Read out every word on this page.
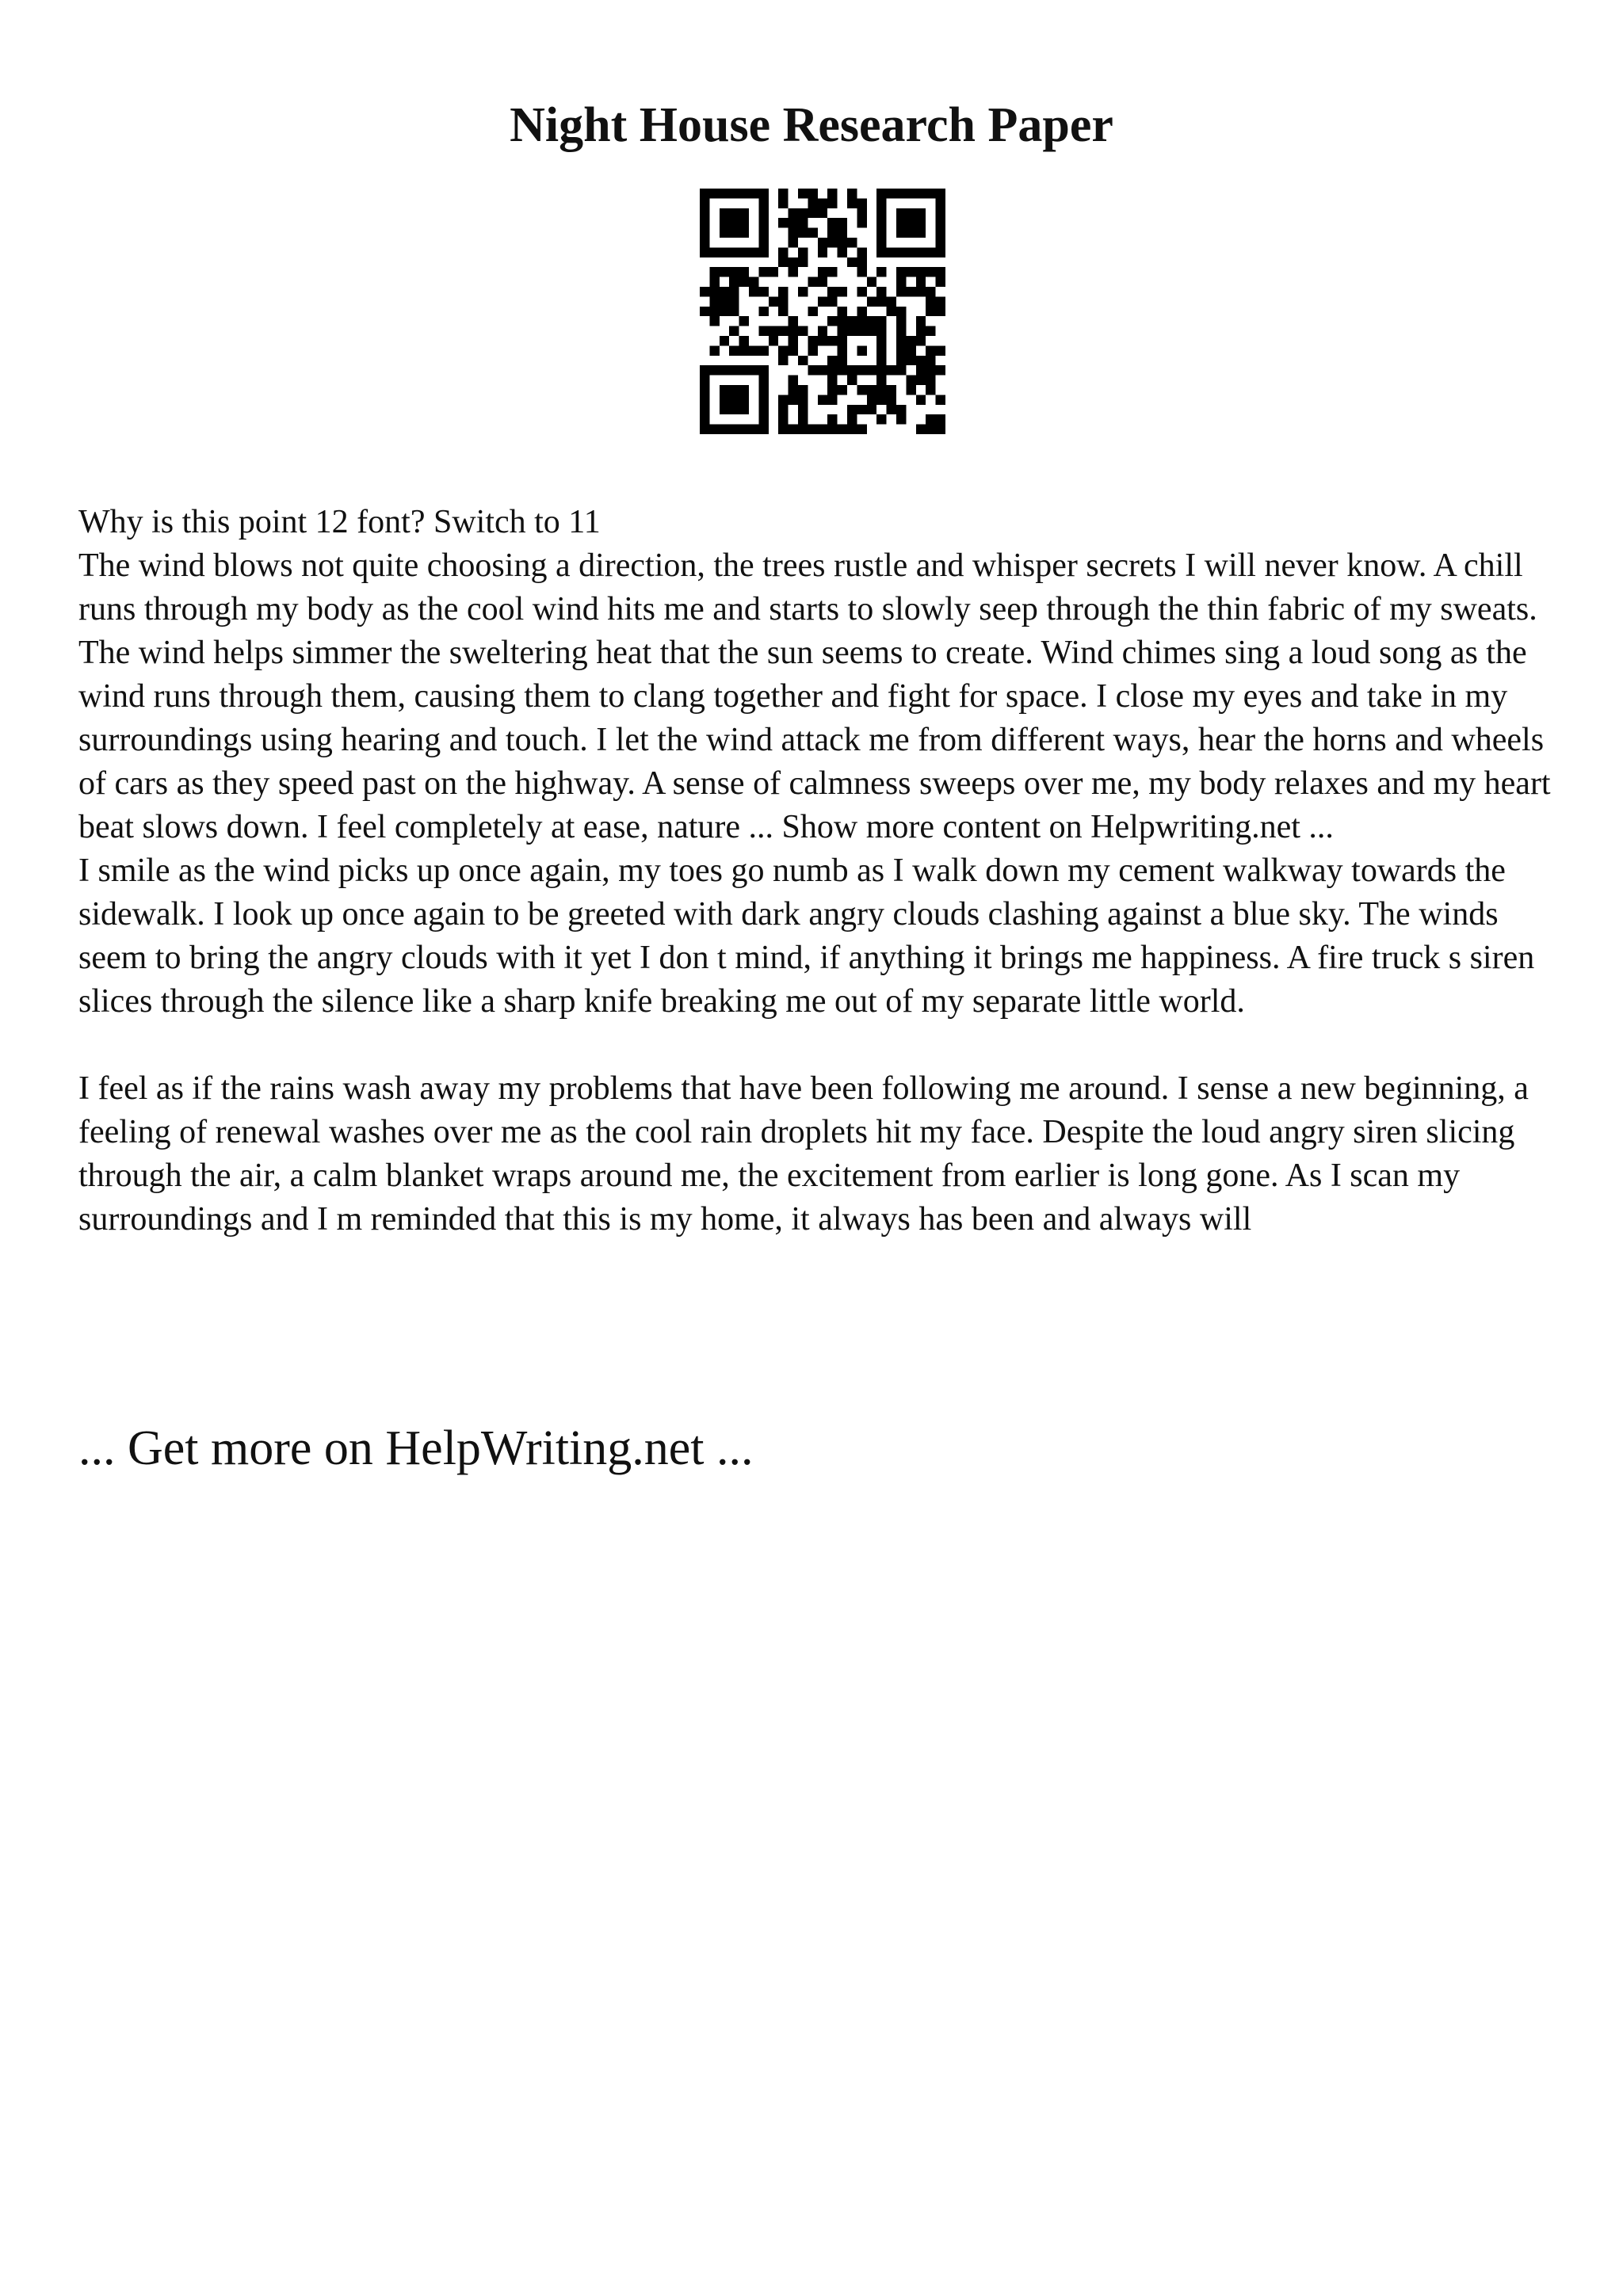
Night House Research Paper

Why is this point 12 font? Switch to 11

The wind blows not quite choosing a direction, the trees rustle and whisper secrets I will never know. A chill runs through my body as the cool wind hits me and starts to slowly seep through the thin fabric of my sweats. The wind helps simmer the sweltering heat that the sun seems to create. Wind chimes sing a loud song as the wind runs through them, causing them to clang together and fight for space. I close my eyes and take in my surroundings using hearing and touch. I let the wind attack me from different ways, hear the horns and wheels of cars as they speed past on the highway. A sense of calmness sweeps over me, my body relaxes and my heart beat slows down. I feel completely at ease, nature ... Show more content on Helpwriting.net ...

I smile as the wind picks up once again, my toes go numb as I walk down my cement walkway towards the sidewalk. I look up once again to be greeted with dark angry clouds clashing against a blue sky. The winds seem to bring the angry clouds with it yet I don t mind, if anything it brings me happiness. A fire truck s siren slices through the silence like a sharp knife breaking me out of my separate little world.

I feel as if the rains wash away my problems that have been following me around. I sense a new beginning, a feeling of renewal washes over me as the cool rain droplets hit my face. Despite the loud angry siren slicing through the air, a calm blanket wraps around me, the excitement from earlier is long gone. As I scan my surroundings and I m reminded that this is my home, it always has been and always will

... Get more on HelpWriting.net ...
